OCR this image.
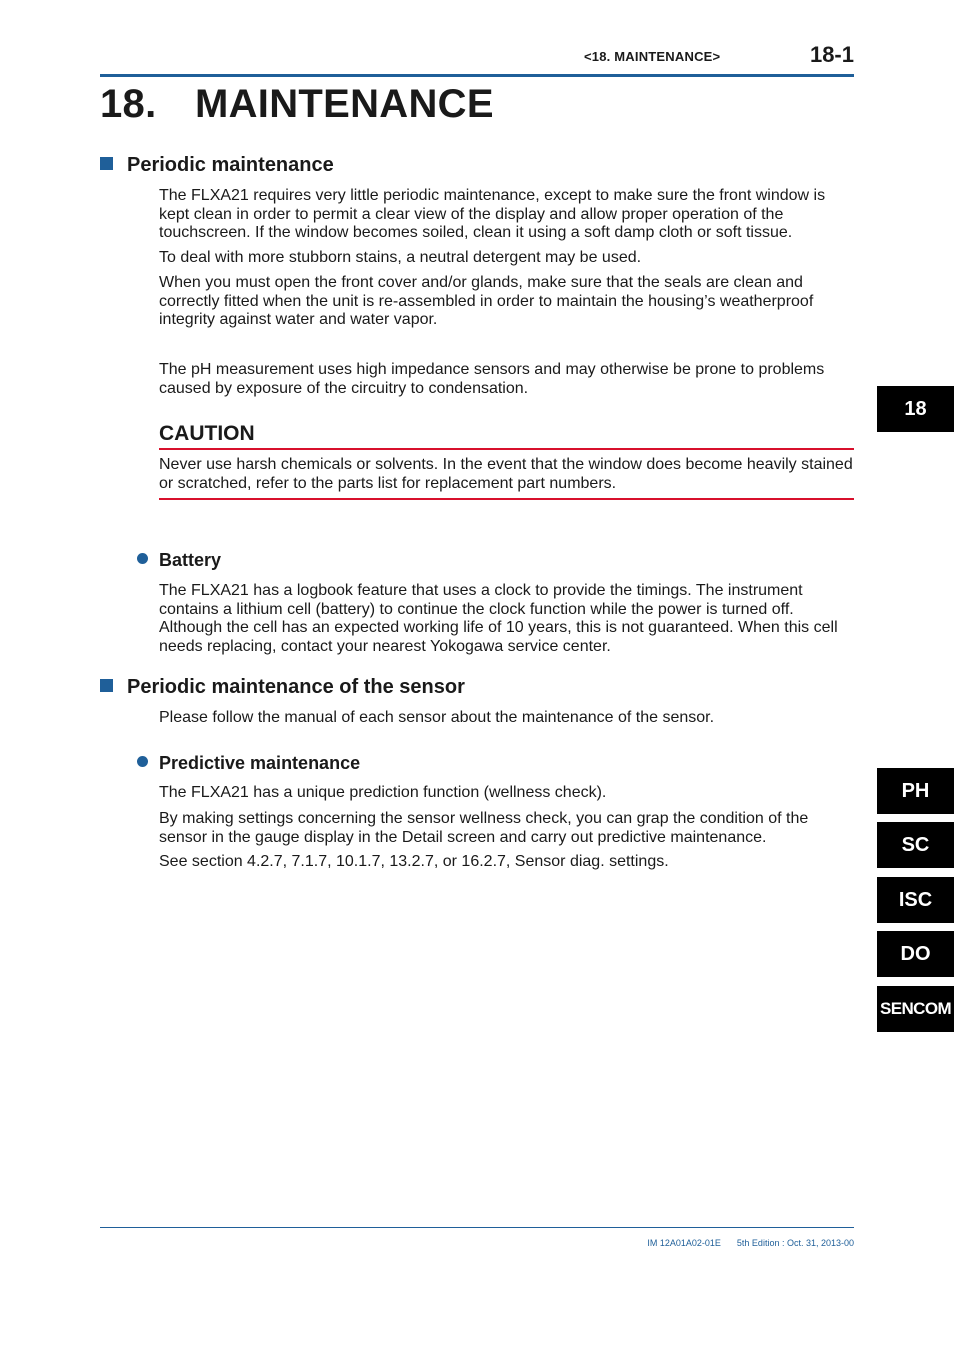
<18. MAINTENANCE>	18-1
18. MAINTENANCE
Periodic maintenance

The FLXA21 requires very little periodic maintenance, except to make sure the front window is kept clean in order to permit a clear view of the display and allow proper operation of the touchscreen. If the window becomes soiled, clean it using a soft damp cloth or soft tissue.

To deal with more stubborn stains, a neutral detergent may be used.

When you must open the front cover and/or glands, make sure that the seals are clean and correctly fitted when the unit is re-assembled in order to maintain the housing’s weatherproof integrity against water and water vapor.

The pH measurement uses high impedance sensors and may otherwise be prone to problems caused by exposure of the circuitry to condensation.

CAUTION

Never use harsh chemicals or solvents. In the event that the window does become heavily stained or scratched, refer to the parts list for replacement part numbers.

Battery

The FLXA21 has a logbook feature that uses a clock to provide the timings. The instrument contains a lithium cell (battery) to continue the clock function while the power is turned off. Although the cell has an expected working life of 10 years, this is not guaranteed. When this cell needs replacing, contact your nearest Yokogawa service center.

Periodic maintenance of the sensor

Please follow the manual of each sensor about the maintenance of the sensor.

Predictive maintenance

The FLXA21 has a unique prediction function (wellness check).

By making settings concerning the sensor wellness check, you can grap the condition of the sensor in the gauge display in the Detail screen and carry out predictive maintenance.

See section 4.2.7, 7.1.7, 10.1.7, 13.2.7, or 16.2.7, Sensor diag. settings.

18
PH
SC
ISC
DO
SENCOM
IM 12A01A02-01E 5th Edition : Oct. 31, 2013-00
